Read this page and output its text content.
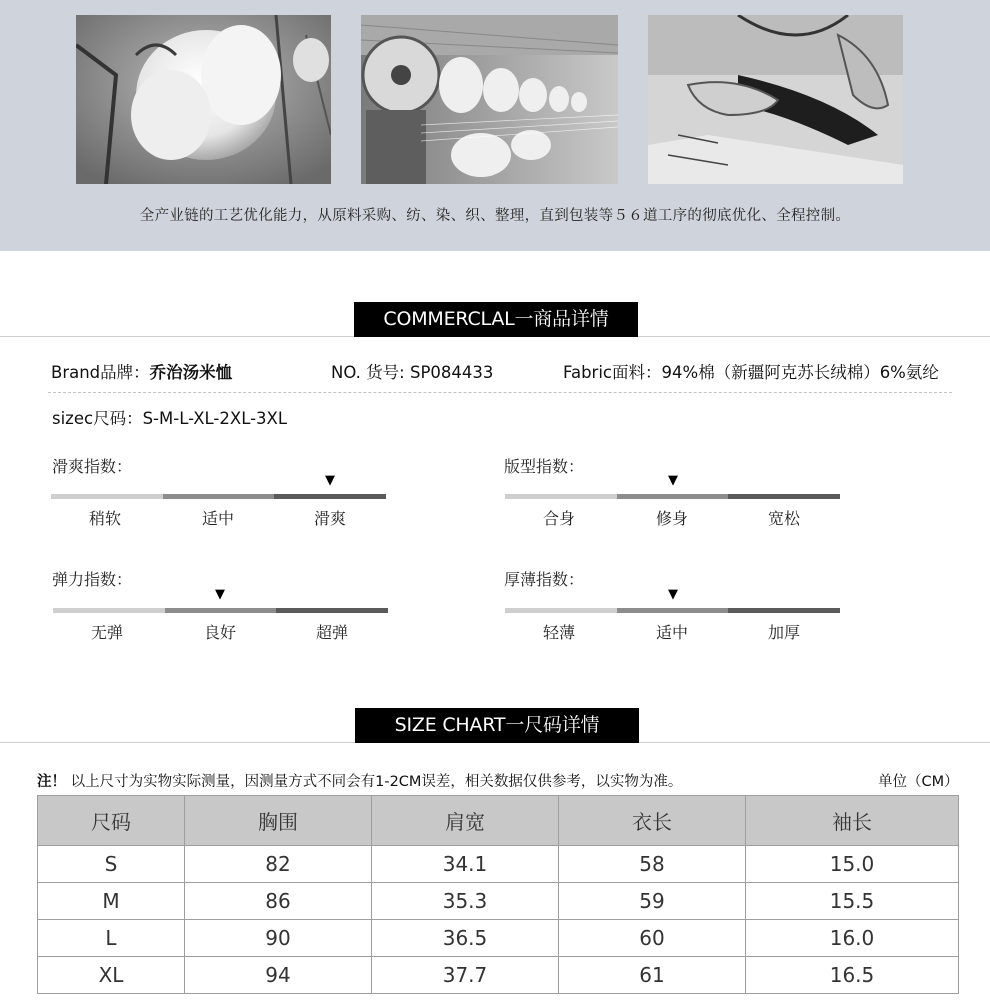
全产业链的工艺优化能力，从原料采购、纺、染、织、整理，直到包装等５６道工序的彻底优化、全程控制。
COMMERCLAL一商品详情
Brand品牌：乔治汤米恤	NO. 货号: SP084433	Fabric面料：94%棉（新疆阿克苏长绒棉）6%氨纶
sizec尺码：S-M-L-XL-2XL-3XL
滑爽指数：
▼
稍软	适中	滑爽
版型指数：
▼
合身	修身	宽松
弹力指数：
▼
无弹	良好	超弹
厚薄指数：
▼
轻薄	适中	加厚
SIZE CHART一尺码详情
注！ 以上尺寸为实物实际测量，因测量方式不同会有1-2CM误差，相关数据仅供参考，以实物为准。	单位（CM）
尺码	胸围	肩宽	衣长	袖长
S	82	34.1	58	15.0
M	86	35.3	59	15.5
L	90	36.5	60	16.0
XL	94	37.7	61	16.5
